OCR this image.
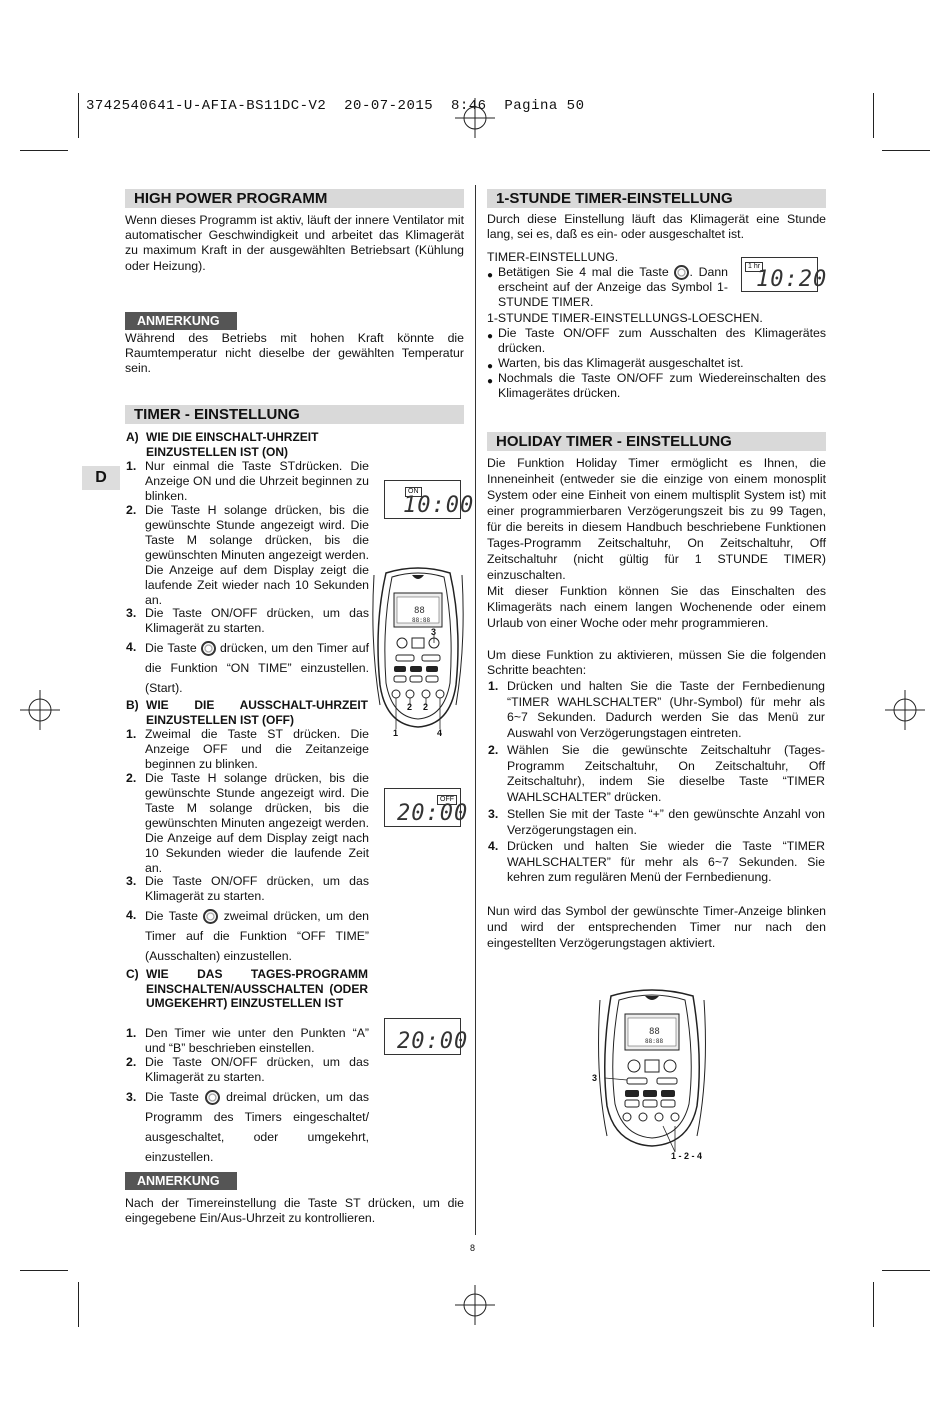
3742540641-U-AFIA-BS11DC-V2  20-07-2015  8:46  Pagina 50
D
HIGH POWER PROGRAMM
Wenn dieses Programm ist aktiv, läuft der innere Ventilator mit automatischer Geschwindigkeit und arbeitet das Klimagerät zu maximum Kraft in der ausgewählten Betriebsart (Kühlung oder Heizung).
ANMERKUNG
Während des Betriebs mit hohen Kraft könnte die Raumtemperatur nicht dieselbe der gewählten Temperatur sein.
TIMER - EINSTELLUNG
A) WIE DIE EINSCHALT-UHRZEIT EINZUSTELLEN IST (ON)
1. Nur einmal die Taste STdrücken. Die Anzeige ON und die Uhrzeit beginnen zu blinken.
2. Die Taste H solange drücken, bis die gewünschte Stunde angezeigt wird. Die Taste M solange drücken, bis die gewünschten Minuten angezeigt werden. Die Anzeige auf dem Display zeigt die laufende Zeit wieder nach 10 Sekunden an.
3. Die Taste ON/OFF drücken, um das Klimagerät zu starten.
4. Die Taste drücken, um den Timer auf die Funktion “ON TIME” einzustellen. (Start).
ON
10:00
88
88:88
3
2 2
1	4
B) WIE DIE AUSSCHALT-UHRZEIT EINZUSTELLEN IST (OFF)
1. Zweimal die Taste ST drücken. Die Anzeige OFF und die Zeitanzeige beginnen zu blinken.
2. Die Taste H solange drücken, bis die gewünschte Stunde angezeigt wird. Die Taste M solange drücken, bis die gewünschten Minuten angezeigt werden. Die Anzeige auf dem Display zeigt nach 10 Sekunden wieder die laufende Zeit an.
3. Die Taste ON/OFF drücken, um das Klimagerät zu starten.
4. Die Taste zweimal drücken, um den Timer auf die Funktion “OFF TIME” (Ausschalten) einzustellen.
OFF
20:00
C) WIE DAS TAGES-PROGRAMM EINSCHALTEN/AUSSCHALTEN (ODER UMGEKEHRT) EINZUSTELLEN IST
1. Den Timer wie unter den Punkten “A” und “B” beschrieben einstellen.
2. Die Taste ON/OFF drücken, um das Klimagerät zu starten.
3. Die Taste dreimal drücken, um das Programm des Timers eingeschaltet/ ausgeschaltet, oder umgekehrt, einzustellen.
20:00
ANMERKUNG
Nach der Timereinstellung die Taste ST drücken, um die eingegebene Ein/Aus-Uhrzeit zu kontrollieren.
1-STUNDE TIMER-EINSTELLUNG
Durch diese Einstellung läuft das Klimagerät eine Stunde lang, sei es, daß es ein- oder ausgeschaltet ist.
TIMER-EINSTELLUNG.
● Betätigen Sie 4 mal die Taste . Dann erscheint auf der Anzeige das Symbol 1-STUNDE TIMER.
1 hr
10:20
1-STUNDE TIMER-EINSTELLUNGS-LOESCHEN.
● Die Taste ON/OFF zum Ausschalten des Klimagerätes drücken.
● Warten, bis das Klimagerät ausgeschaltet ist.
● Nochmals die Taste ON/OFF zum Wiedereinschalten des Klimagerätes drücken.
HOLIDAY TIMER - EINSTELLUNG
Die Funktion Holiday Timer ermöglicht es Ihnen, die Inneneinheit (entweder sie die einzige von einem monosplit System oder eine Einheit von einem multisplit System ist) mit einer programmierbaren Verzögerungszeit bis zu 99 Tagen, für die bereits in diesem Handbuch beschriebene Funktionen Tages-Programm Zeitschaltuhr, On Zeitschaltuhr, Off Zeitschaltuhr (nicht gültig für 1 STUNDE TIMER) einzuschalten.
Mit dieser Funktion können Sie das Einschalten des Klimageräts nach einem langen Wochenende oder einem Urlaub von einer Woche oder mehr programmieren.
Um diese Funktion zu aktivieren, müssen Sie die folgenden Schritte beachten:
1. Drücken und halten Sie die Taste der Fernbedienung “TIMER WAHLSCHALTER” (Uhr-Symbol) für mehr als 6~7 Sekunden. Dadurch werden Sie das Menü zur Auswahl von Verzögerungstagen eintreten.
2. Wählen Sie die gewünschte Zeitschaltuhr (Tages-Programm Zeitschaltuhr, On Zeitschaltuhr, Off Zeitschaltuhr), indem Sie dieselbe Taste “TIMER WAHLSCHALTER” drücken.
3. Stellen Sie mit der Taste “+” den gewünschte Anzahl von Verzögerungstagen ein.
4. Drücken und halten Sie wieder die Taste “TIMER WAHLSCHALTER” für mehr als 6~7 Sekunden. Sie kehren zum regulären Menü der Fernbedienung.
Nun wird das Symbol der gewünschte Timer-Anzeige blinken und wird der entsprechenden Timer nur nach den eingestellten Verzögerungstagen aktiviert.
88
88:88
3
1 - 2 - 4
8
